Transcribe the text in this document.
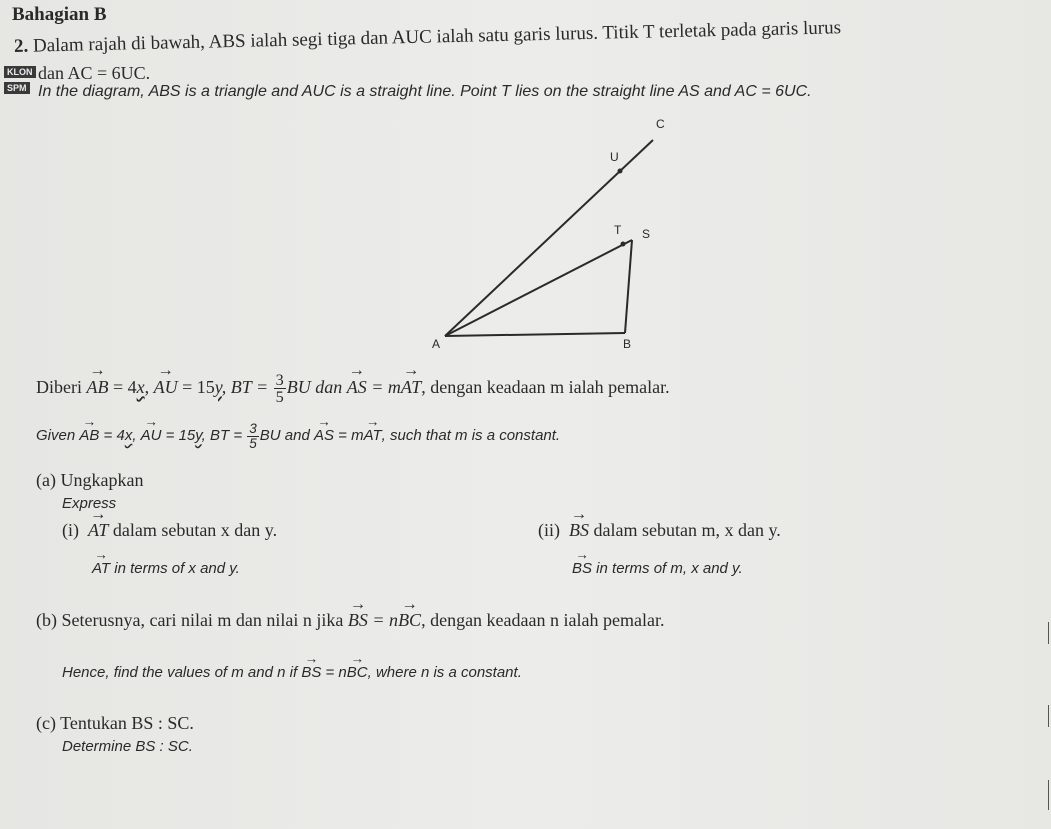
Bahagian B
2. Dalam rajah di bawah, ABS ialah segi tiga dan AUC ialah satu garis lurus. Titik T terletak pada garis lurus
KLON
SPM
dan AC = 6UC.
In the diagram, ABS is a triangle and AUC is a straight line. Point T lies on the straight line AS and AC = 6UC.
C
U
T S
A	B
Diberi → AB = 4x, → AU = 15y, BT = $\frac{3}{5}$ BU dan → AS = m→ AT, dengan keadaan m ialah pemalar.
Given → AB = 4x, → AU = 15y, BT = $\frac{3}{5}$ BU and → AS = m→ AT, such that m is a constant.
(a) Ungkapkan
Express
(i) → AT dalam sebutan x dan y.
→ AT in terms of x and y.
(ii) → BS dalam sebutan m, x dan y.
→ BS in terms of m, x and y.
(b) Seterusnya, cari nilai m dan nilai n jika → BS = n→ BC, dengan keadaan n ialah pemalar.
Hence, find the values of m and n if → BS = n→ BC, where n is a constant.
(c) Tentukan BS : SC.
Determine BS : SC.
